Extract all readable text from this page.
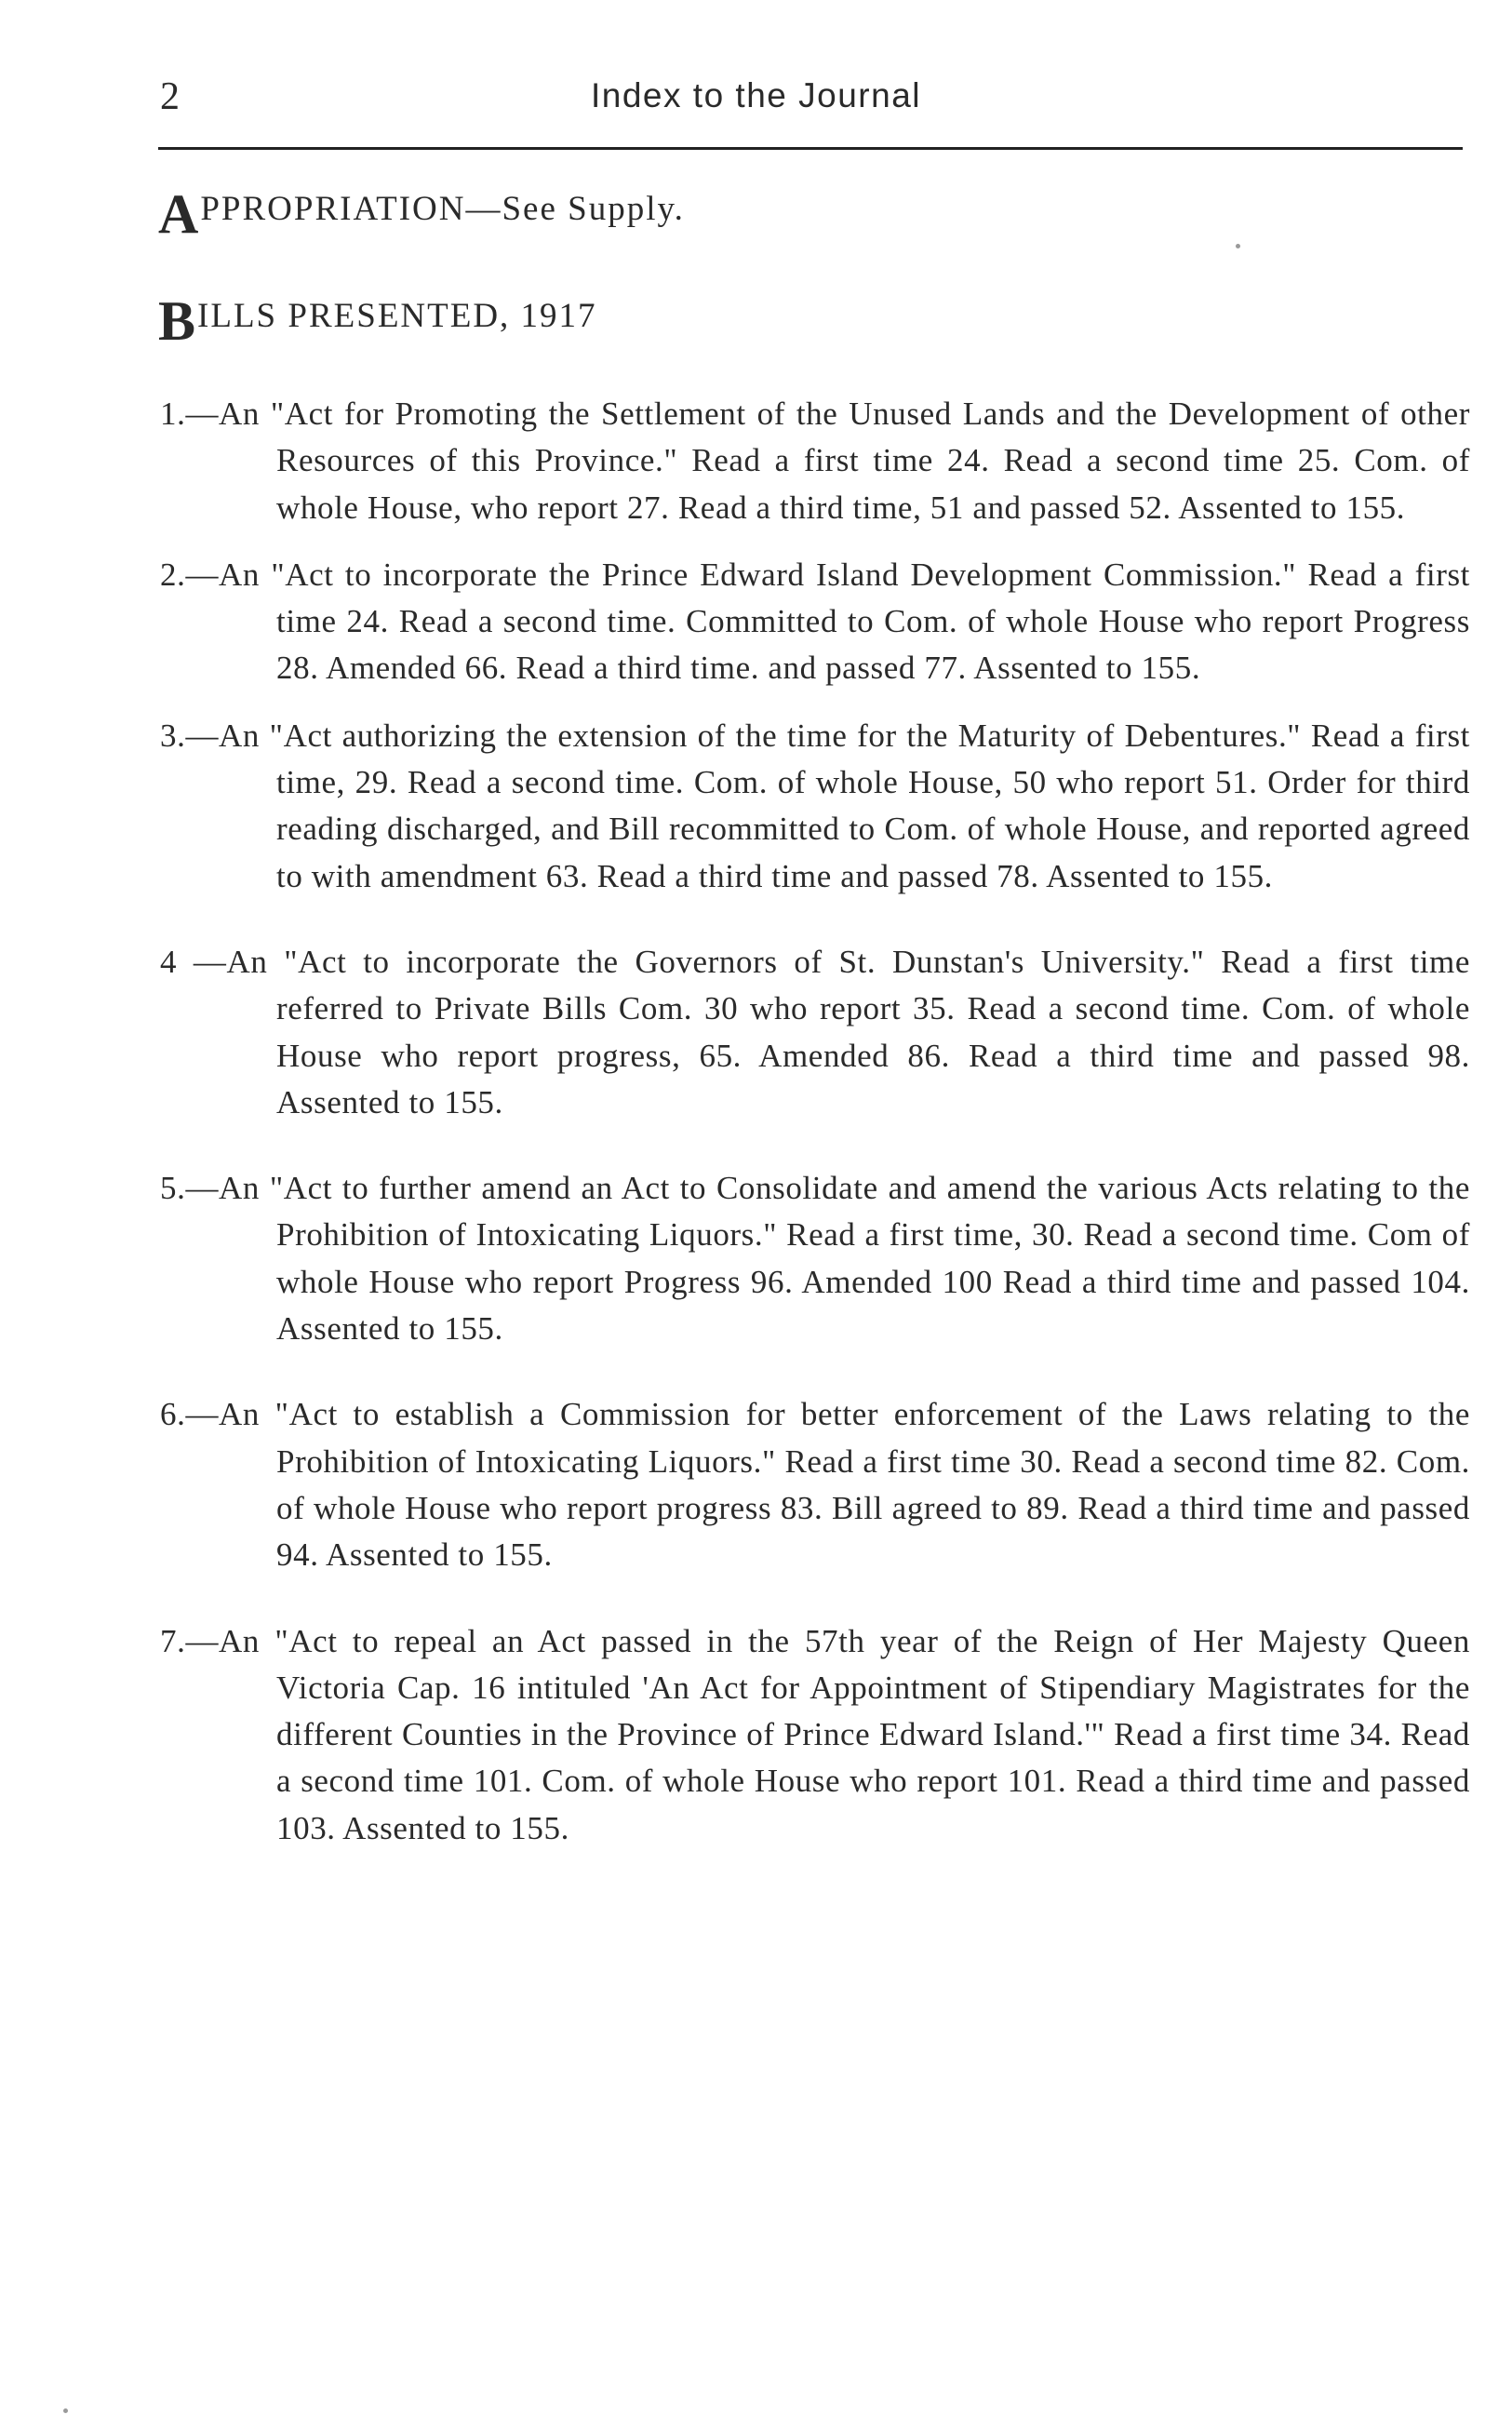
2	Index to the Journal
APPROPRIATION—See Supply.
BILLS PRESENTED, 1917

1.—An "Act for Promoting the Settlement of the Unused Lands and the Development of other Resources of this Province." Read a first time 24. Read a second time 25. Com. of whole House, who report 27. Read a third time, 51 and passed 52. Assented to 155.

2.—An "Act to incorporate the Prince Edward Island Development Commission." Read a first time 24. Read a second time. Committed to Com. of whole House who report Progress 28. Amended 66. Read a third time. and passed 77. Assented to 155.

3.—An "Act authorizing the extension of the time for the Maturity of Debentures." Read a first time, 29. Read a second time. Com. of whole House, 50 who report 51. Order for third reading discharged, and Bill recommitted to Com. of whole House, and reported agreed to with amendment 63. Read a third time and passed 78. Assented to 155.

4 —An "Act to incorporate the Governors of St. Dunstan's University." Read a first time referred to Private Bills Com. 30 who report 35. Read a second time. Com. of whole House who report progress, 65. Amended 86. Read a third time and passed 98. Assented to 155.

5.—An "Act to further amend an Act to Consolidate and amend the various Acts relating to the Prohibition of Intoxicating Liquors." Read a first time, 30. Read a second time. Com of whole House who report Progress 96. Amended 100 Read a third time and passed 104. Assented to 155.

6.—An "Act to establish a Commission for better enforcement of the Laws relating to the Prohibition of Intoxicating Liquors." Read a first time 30. Read a second time 82. Com. of whole House who report progress 83. Bill agreed to 89. Read a third time and passed 94. Assented to 155.

7.—An "Act to repeal an Act passed in the 57th year of the Reign of Her Majesty Queen Victoria Cap. 16 intituled 'An Act for Appointment of Stipendiary Magistrates for the different Counties in the Province of Prince Edward Island.'" Read a first time 34. Read a second time 101. Com. of whole House who report 101. Read a third time and passed 103. Assented to 155.
